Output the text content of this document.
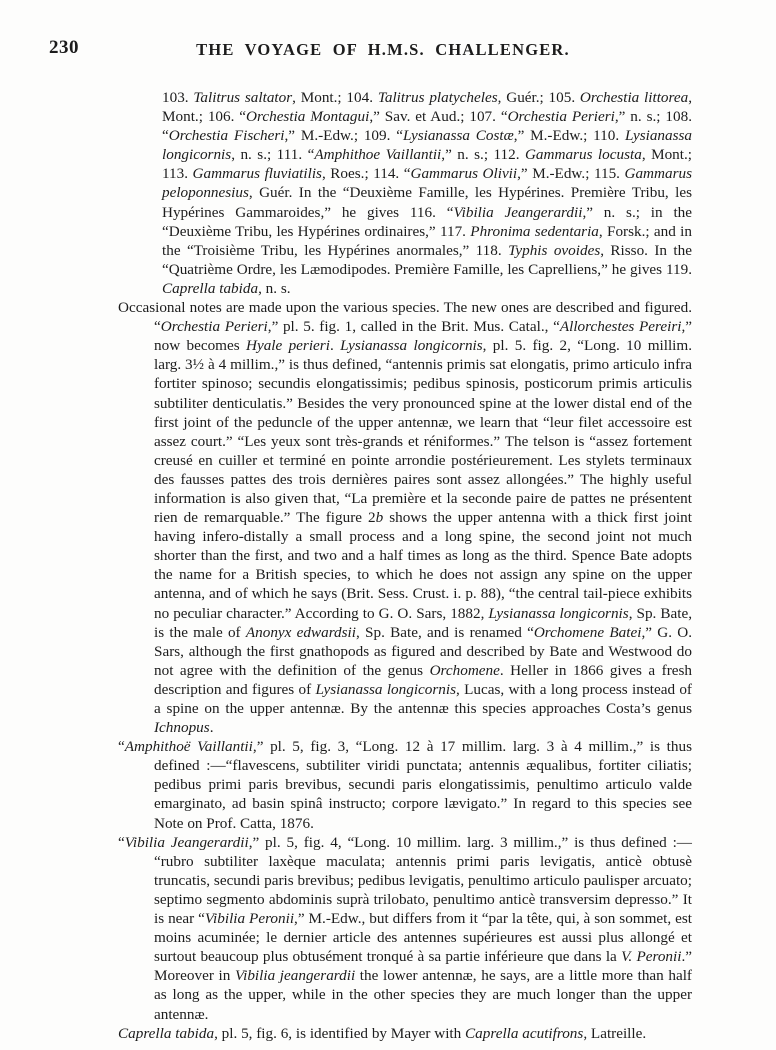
230	THE VOYAGE OF H.M.S. CHALLENGER.

103. Talitrus saltator, Mont.; 104. Talitrus platycheles, Guér.; 105. Orchestia littorea, Mont.; 106. “Orchestia Montagui,” Sav. et Aud.; 107. “Orchestia Perieri,” n. s.; 108. “Orchestia Fischeri,” M.-Edw.; 109. “Lysianassa Costæ,” M.-Edw.; 110. Lysianassa longicornis, n. s.; 111. “Amphithoe Vaillantii,” n. s.; 112. Gammarus locusta, Mont.; 113. Gammarus fluviatilis, Roes.; 114. “Gammarus Olivii,” M.-Edw.; 115. Gammarus peloponnesius, Guér. In the “Deuxième Famille, les Hypérines. Première Tribu, les Hypérines Gammaroides,” he gives 116. “Vibilia Jeangerardii,” n. s.; in the “Deuxième Tribu, les Hypérines ordinaires,” 117. Phronima sedentaria, Forsk.; and in the “Troisième Tribu, les Hypérines anormales,” 118. Typhis ovoides, Risso. In the “Quatrième Ordre, les Læmodipodes. Première Famille, les Caprelliens,” he gives 119. Caprella tabida, n. s.

Occasional notes are made upon the various species. The new ones are described and figured. “Orchestia Perieri,” pl. 5. fig. 1, called in the Brit. Mus. Catal., “Allorchestes Pereiri,” now becomes Hyale perieri. Lysianassa longicornis, pl. 5. fig. 2, “Long. 10 millim. larg. 3½ à 4 millim.,” is thus defined, “antennis primis sat elongatis, primo articulo infra fortiter spinoso; secundis elongatissimis; pedibus spinosis, posticorum primis articulis subtiliter denticulatis.” Besides the very pronounced spine at the lower distal end of the first joint of the peduncle of the upper antennæ, we learn that “leur filet accessoire est assez court.” “Les yeux sont très-grands et réniformes.” The telson is “assez fortement creusé en cuiller et terminé en pointe arrondie postérieurement. Les stylets terminaux des fausses pattes des trois dernières paires sont assez allongées.” The highly useful information is also given that, “La première et la seconde paire de pattes ne présentent rien de remarquable.” The figure 2b shows the upper antenna with a thick first joint having infero-distally a small process and a long spine, the second joint not much shorter than the first, and two and a half times as long as the third. Spence Bate adopts the name for a British species, to which he does not assign any spine on the upper antenna, and of which he says (Brit. Sess. Crust. i. p. 88), “the central tail-piece exhibits no peculiar character.” According to G. O. Sars, 1882, Lysianassa longicornis, Sp. Bate, is the male of Anonyx edwardsii, Sp. Bate, and is renamed “Orchomene Batei,” G. O. Sars, although the first gnathopods as figured and described by Bate and Westwood do not agree with the definition of the genus Orchomene. Heller in 1866 gives a fresh description and figures of Lysianassa longicornis, Lucas, with a long process instead of a spine on the upper antennæ. By the antennæ this species approaches Costa’s genus Ichnopus.

“Amphithoë Vaillantii,” pl. 5, fig. 3, “Long. 12 à 17 millim. larg. 3 à 4 millim.,” is thus defined :—“flavescens, subtiliter viridi punctata; antennis æqualibus, fortiter ciliatis; pedibus primi paris brevibus, secundi paris elongatissimis, penultimo articulo valde emarginato, ad basin spinâ instructo; corpore lævigato.” In regard to this species see Note on Prof. Catta, 1876.

“Vibilia Jeangerardii,” pl. 5, fig. 4, “Long. 10 millim. larg. 3 millim.,” is thus defined :— “rubro subtiliter laxèque maculata; antennis primi paris levigatis, anticè obtusè truncatis, secundi paris brevibus; pedibus levigatis, penultimo articulo paulisper arcuato; septimo segmento abdominis suprà trilobato, penultimo anticè transversim depresso.” It is near “Vibilia Peronii,” M.-Edw., but differs from it “par la tête, qui, à son sommet, est moins acuminée; le dernier article des antennes supérieures est aussi plus allongé et surtout beaucoup plus obtusément tronqué à sa partie inférieure que dans la V. Peronii.” Moreover in Vibilia jeangerardii the lower antennæ, he says, are a little more than half as long as the upper, while in the other species they are much longer than the upper antennæ.

Caprella tabida, pl. 5, fig. 6, is identified by Mayer with Caprella acutifrons, Latreille.
